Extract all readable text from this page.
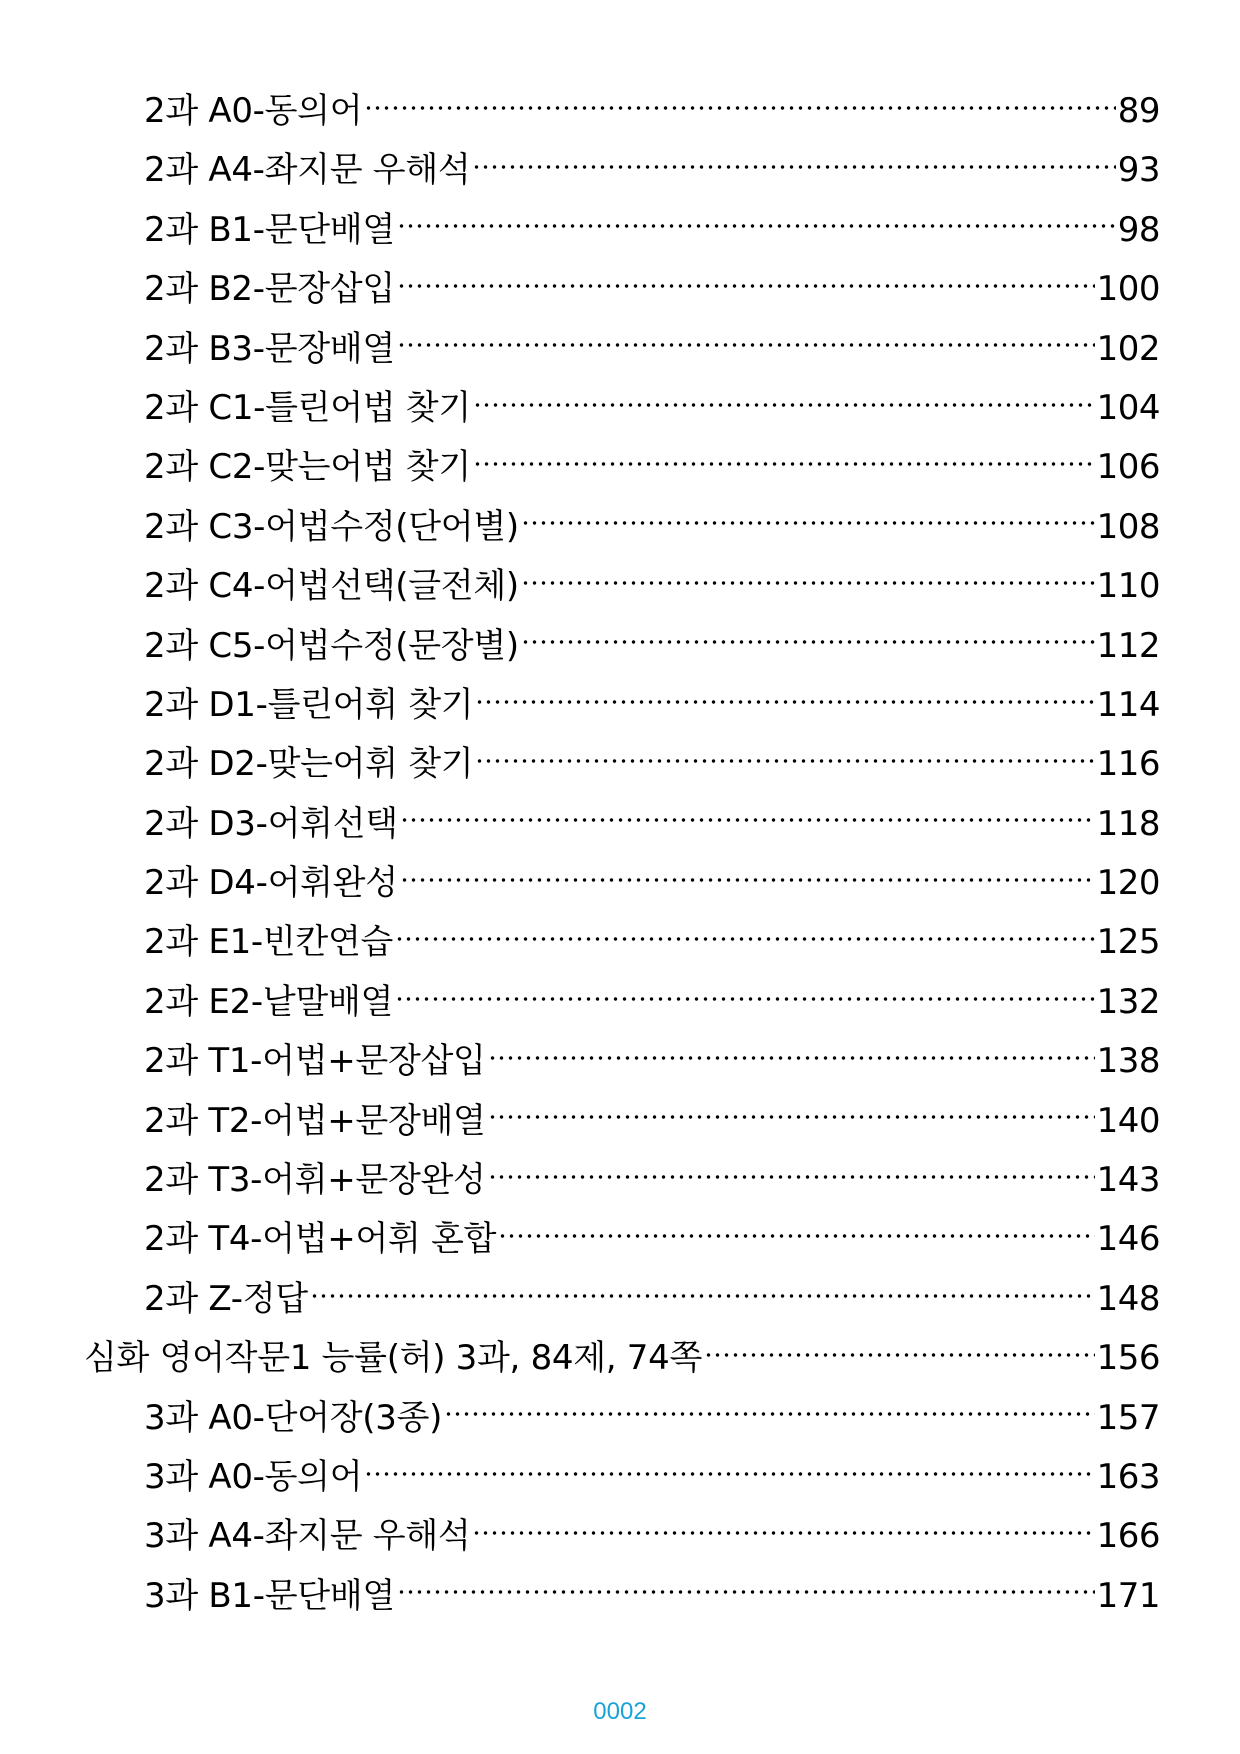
2과 A0-동의어	89
2과 A4-좌지문 우해석	93
2과 B1-문단배열	98
2과 B2-문장삽입	100
2과 B3-문장배열	102
2과 C1-틀린어법 찾기	104
2과 C2-맞는어법 찾기	106
2과 C3-어법수정(단어별)	108
2과 C4-어법선택(글전체)	110
2과 C5-어법수정(문장별)	112
2과 D1-틀린어휘 찾기	114
2과 D2-맞는어휘 찾기	116
2과 D3-어휘선택	118
2과 D4-어휘완성	120
2과 E1-빈칸연습	125
2과 E2-낱말배열	132
2과 T1-어법+문장삽입	138
2과 T2-어법+문장배열	140
2과 T3-어휘+문장완성	143
2과 T4-어법+어휘 혼합	146
2과 Z-정답	148
심화 영어작문1 능률(허) 3과, 84제, 74쪽	156
3과 A0-단어장(3종)	157
3과 A0-동의어	163
3과 A4-좌지문 우해석	166
3과 B1-문단배열	171
0002
